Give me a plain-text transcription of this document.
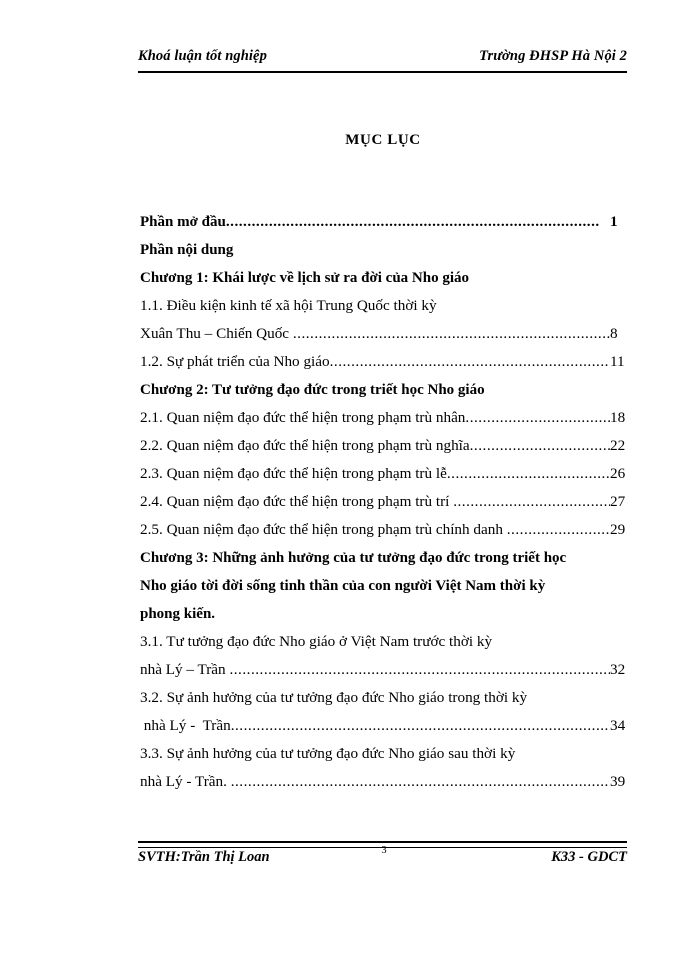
Khoá luận tốt nghiệp	Trường ĐHSP Hà Nội 2
MỤC LỤC
Phần mở đầu .....	1
Phần nội dung
Chương 1: Khái lược về lịch sử ra đời của Nho giáo
1.1. Điều kiện kinh tế xã hội Trung Quốc thời kỳ
Xuân Thu – Chiến Quốc .....	8
1.2. Sự phát triển của Nho giáo .....	11
Chương 2: Tư tưởng đạo đức trong triết học Nho giáo
2.1. Quan niệm đạo đức thể hiện trong phạm trù nhân .....	18
2.2. Quan niệm đạo đức thể hiện trong phạm trù nghĩa .....	22
2.3. Quan niệm đạo đức thể hiện trong phạm trù lễ .....	26
2.4. Quan niệm đạo đức thể hiện trong phạm trù trí .....	27
2.5. Quan niệm đạo đức thể hiện trong phạm trù chính danh .....	29
Chương 3: Những ảnh hưởng của tư tưởng đạo đức trong triết học
Nho giáo tời đời sống tinh thần của con người Việt Nam thời kỳ
phong kiến.
3.1. Tư tưởng đạo đức Nho giáo ở Việt Nam trước thời kỳ
nhà Lý – Trần .....	32
3.2. Sự ảnh hưởng của tư tưởng đạo đức Nho giáo trong thời kỳ
nhà Lý -  Trần .....	34
3.3. Sự ảnh hưởng của tư tưởng đạo đức Nho giáo sau thời kỳ
nhà Lý - Trần. .....	39
3
SVTH:Trần Thị Loan	K33 - GDCT
